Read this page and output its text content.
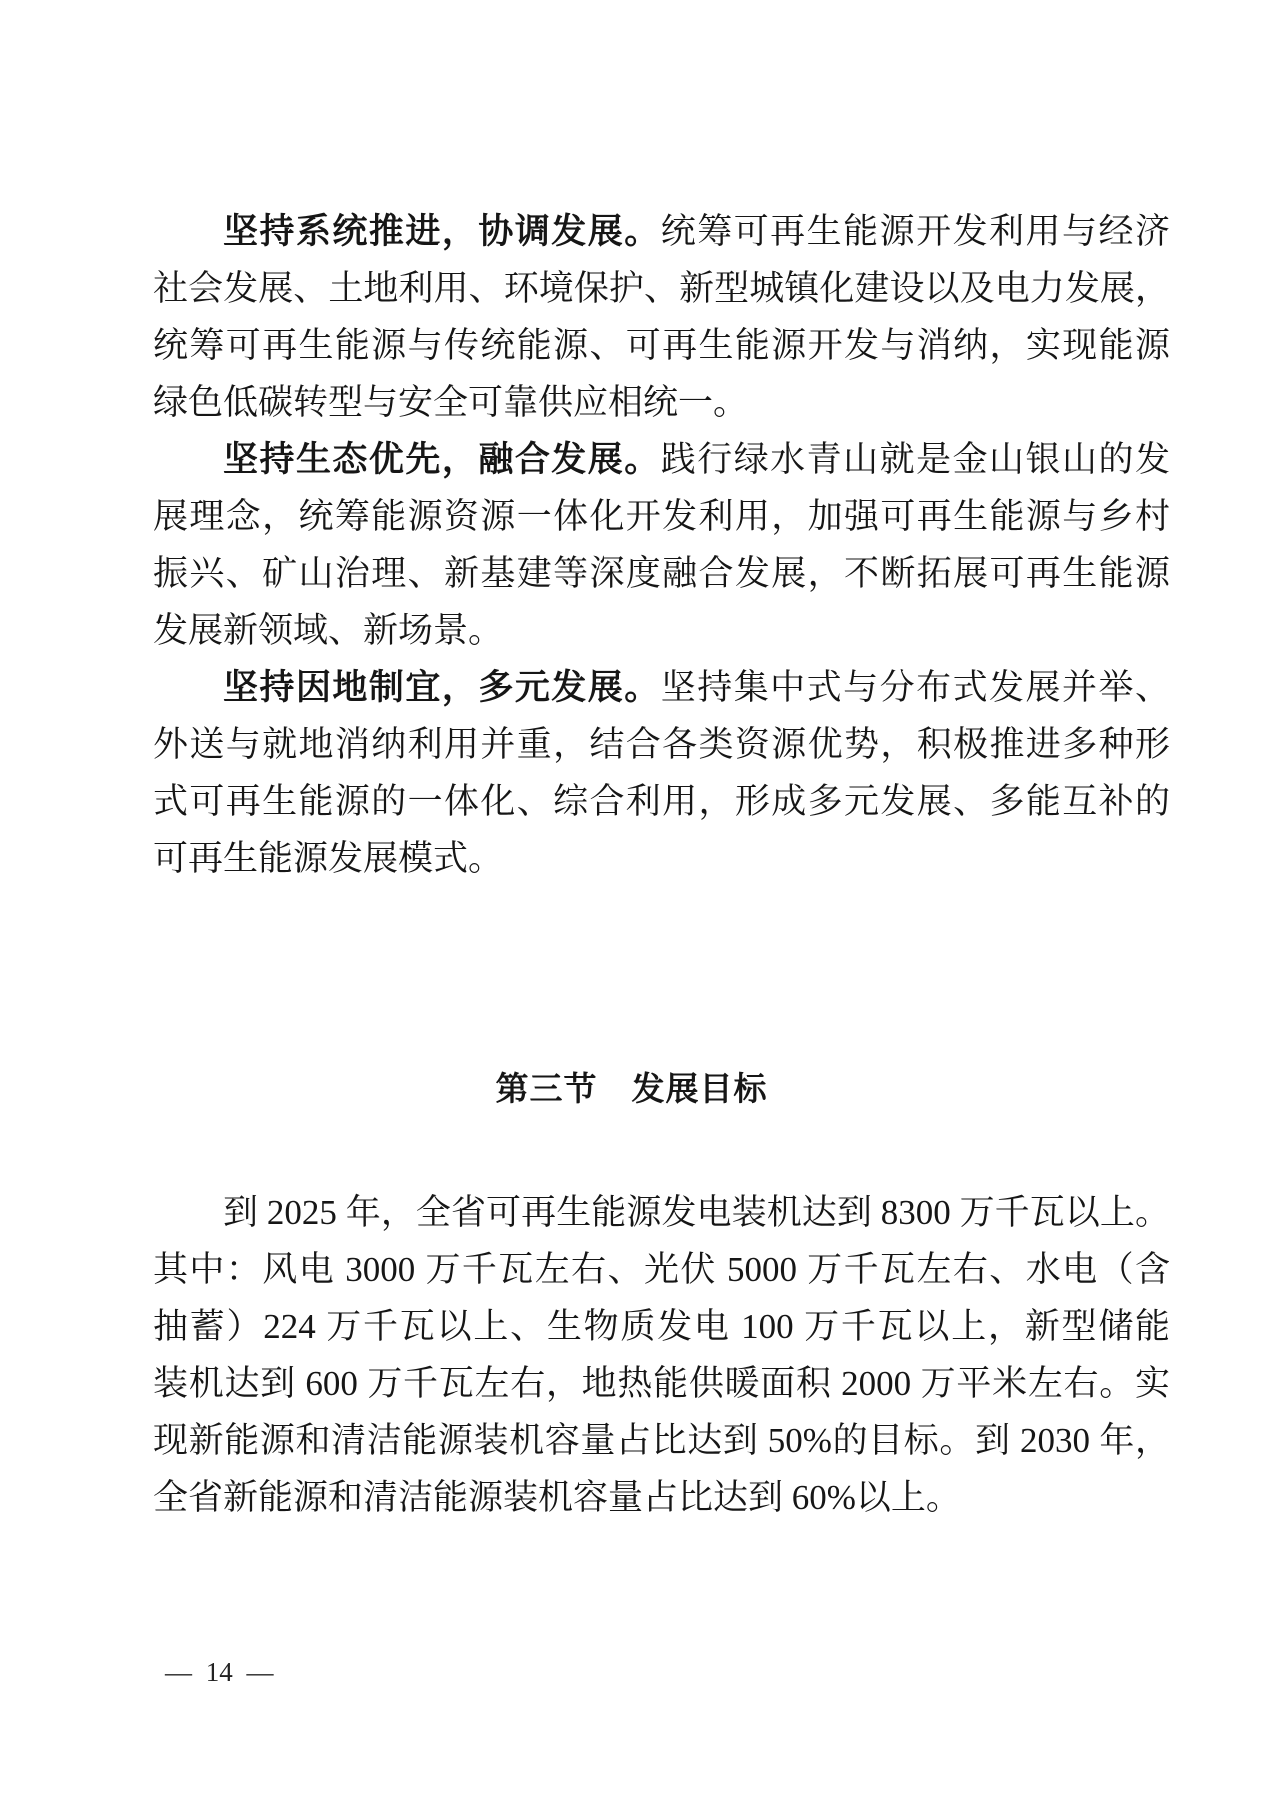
坚持系统推进，协调发展。统筹可再生能源开发利用与经济
社会发展、土地利用、环境保护、新型城镇化建设以及电力发展，
统筹可再生能源与传统能源、可再生能源开发与消纳，实现能源
绿色低碳转型与安全可靠供应相统一。
坚持生态优先，融合发展。践行绿水青山就是金山银山的发
展理念，统筹能源资源一体化开发利用，加强可再生能源与乡村
振兴、矿山治理、新基建等深度融合发展，不断拓展可再生能源
发展新领域、新场景。
坚持因地制宜，多元发展。坚持集中式与分布式发展并举、
外送与就地消纳利用并重，结合各类资源优势，积极推进多种形
式可再生能源的一体化、综合利用，形成多元发展、多能互补的
可再生能源发展模式。
第三节　发展目标
到 2025 年，全省可再生能源发电装机达到 8300 万千瓦以上。
其中：风电 3000 万千瓦左右、光伏 5000 万千瓦左右、水电（含
抽蓄）224 万千瓦以上、生物质发电 100 万千瓦以上，新型储能
装机达到 600 万千瓦左右，地热能供暖面积 2000 万平米左右。实
现新能源和清洁能源装机容量占比达到 50%的目标。到 2030 年，
全省新能源和清洁能源装机容量占比达到 60%以上。
— 14 —
